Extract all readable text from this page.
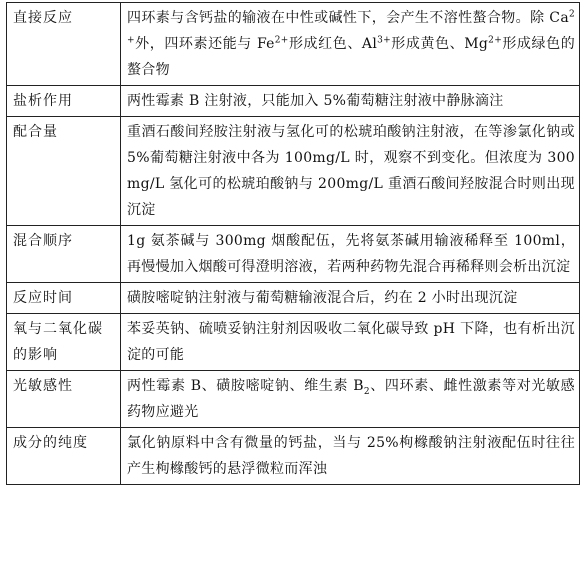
直接反应	四环素与含钙盐的输液在中性或碱性下，会产生不溶性螯合物。除 $Ca^{2+}$外，四环素还能与 $Fe^{2+}$形成红色、$Al^{3+}$形成黄色、$Mg^{2+}$形成绿色的螯合物
盐析作用	两性霉素 B 注射液，只能加入 5%葡萄糖注射液中静脉滴注
配合量	重酒石酸间羟胺注射液与氢化可的松琥珀酸钠注射液，在等渗氯化钠或 5%葡萄糖注射液中各为 100mg/L 时，观察不到变化。但浓度为 300mg/L 氢化可的松琥珀酸钠与 200mg/L 重酒石酸间羟胺混合时则出现沉淀
混合顺序	1g 氨茶碱与 300mg 烟酸配伍，先将氨茶碱用输液稀释至 100ml，再慢慢加入烟酸可得澄明溶液，若两种药物先混合再稀释则会析出沉淀
反应时间	磺胺嘧啶钠注射液与葡萄糖输液混合后，约在 2 小时出现沉淀
氧与二氧化碳的影响	苯妥英钠、硫喷妥钠注射剂因吸收二氧化碳导致 pH 下降，也有析出沉淀的可能
光敏感性	两性霉素 B、磺胺嘧啶钠、维生素 $B_2$、四环素、雌性激素等对光敏感药物应避光
成分的纯度	氯化钠原料中含有微量的钙盐，当与 25%枸橼酸钠注射液配伍时往往产生枸橼酸钙的悬浮微粒而浑浊
